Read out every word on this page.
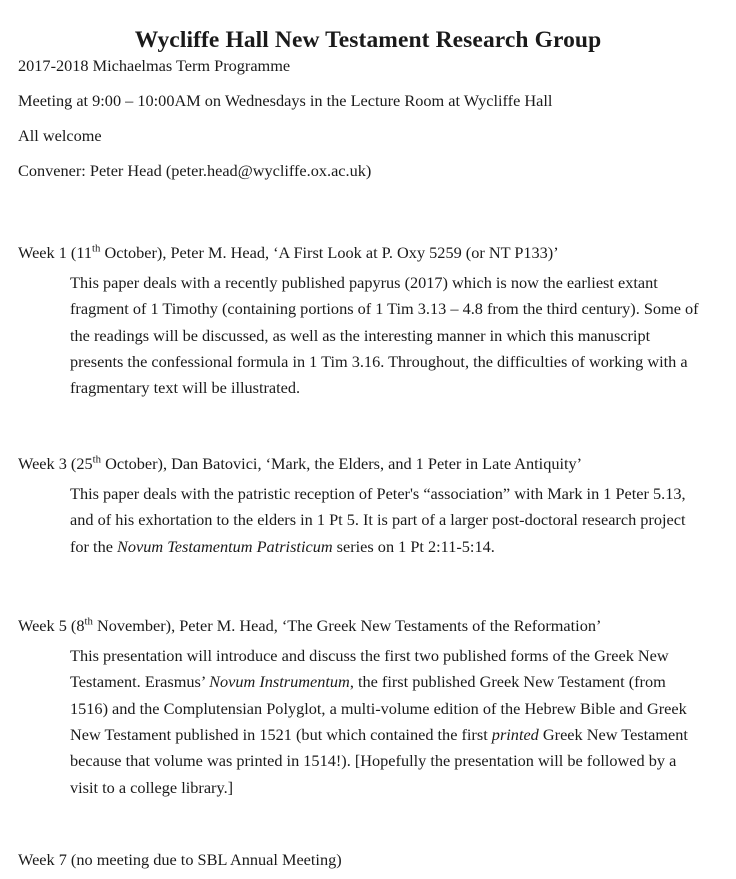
Wycliffe Hall New Testament Research Group

2017-2018 Michaelmas Term Programme

Meeting at 9:00 – 10:00AM on Wednesdays in the Lecture Room at Wycliffe Hall

All welcome

Convener: Peter Head (peter.head@wycliffe.ox.ac.uk)

Week 1 (11th October), Peter M. Head, ‘A First Look at P. Oxy 5259 (or NT P133)’

This paper deals with a recently published papyrus (2017) which is now the earliest extant fragment of 1 Timothy (containing portions of 1 Tim 3.13 – 4.8 from the third century). Some of the readings will be discussed, as well as the interesting manner in which this manuscript presents the confessional formula in 1 Tim 3.16. Throughout, the difficulties of working with a fragmentary text will be illustrated.

Week 3 (25th October), Dan Batovici, ‘Mark, the Elders, and 1 Peter in Late Antiquity’

This paper deals with the patristic reception of Peter's “association” with Mark in 1 Peter 5.13, and of his exhortation to the elders in 1 Pt 5. It is part of a larger post-doctoral research project for the Novum Testamentum Patristicum series on 1 Pt 2:11-5:14.

Week 5 (8th November), Peter M. Head, ‘The Greek New Testaments of the Reformation’

This presentation will introduce and discuss the first two published forms of the Greek New Testament. Erasmus’ Novum Instrumentum, the first published Greek New Testament (from 1516) and the Complutensian Polyglot, a multi-volume edition of the Hebrew Bible and Greek New Testament published in 1521 (but which contained the first printed Greek New Testament because that volume was printed in 1514!). [Hopefully the presentation will be followed by a visit to a college library.]

Week 7 (no meeting due to SBL Annual Meeting)
